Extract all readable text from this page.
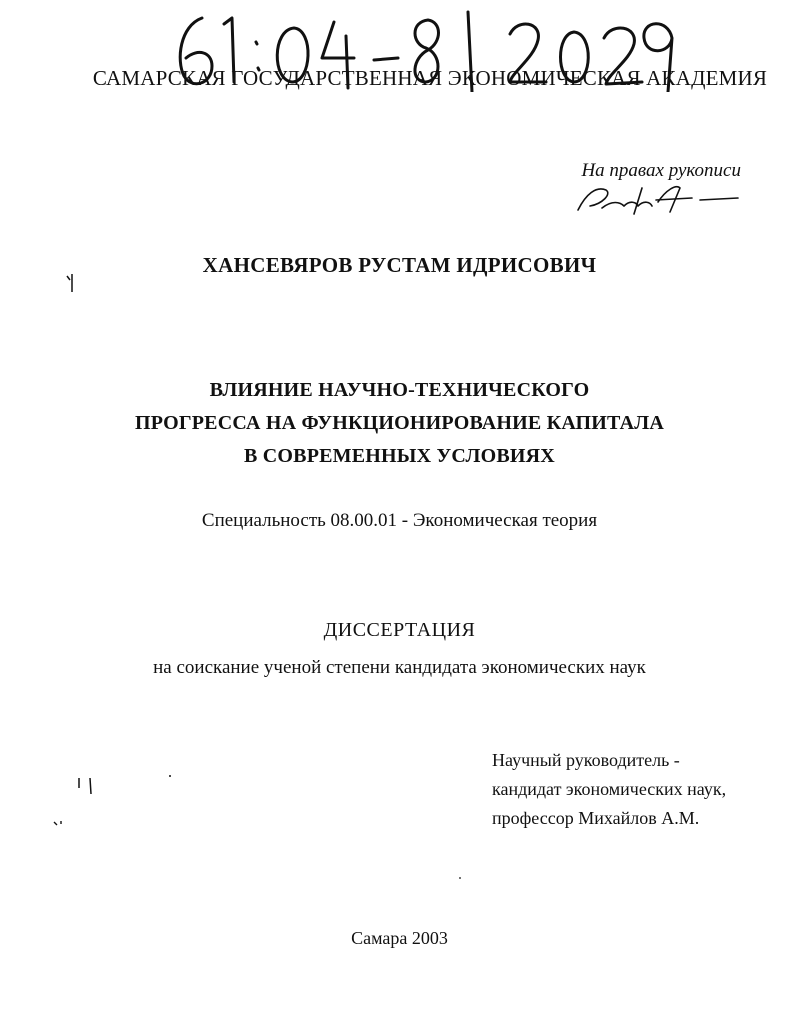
САМАРСКАЯ ГОСУДАРСТВЕННАЯ ЭКОНОМИЧЕСКАЯ АКАДЕМИЯ
На правах рукописи
ХАНСЕВЯРОВ РУСТАМ ИДРИСОВИЧ
ВЛИЯНИЕ НАУЧНО-ТЕХНИЧЕСКОГО
ПРОГРЕССА НА ФУНКЦИОНИРОВАНИЕ КАПИТАЛА
В СОВРЕМЕННЫХ УСЛОВИЯХ
Специальность 08.00.01 - Экономическая теория
ДИССЕРТАЦИЯ
на соискание ученой степени кандидата экономических наук
Научный руководитель -
кандидат экономических наук,
профессор Михайлов А.М.
Самара 2003
